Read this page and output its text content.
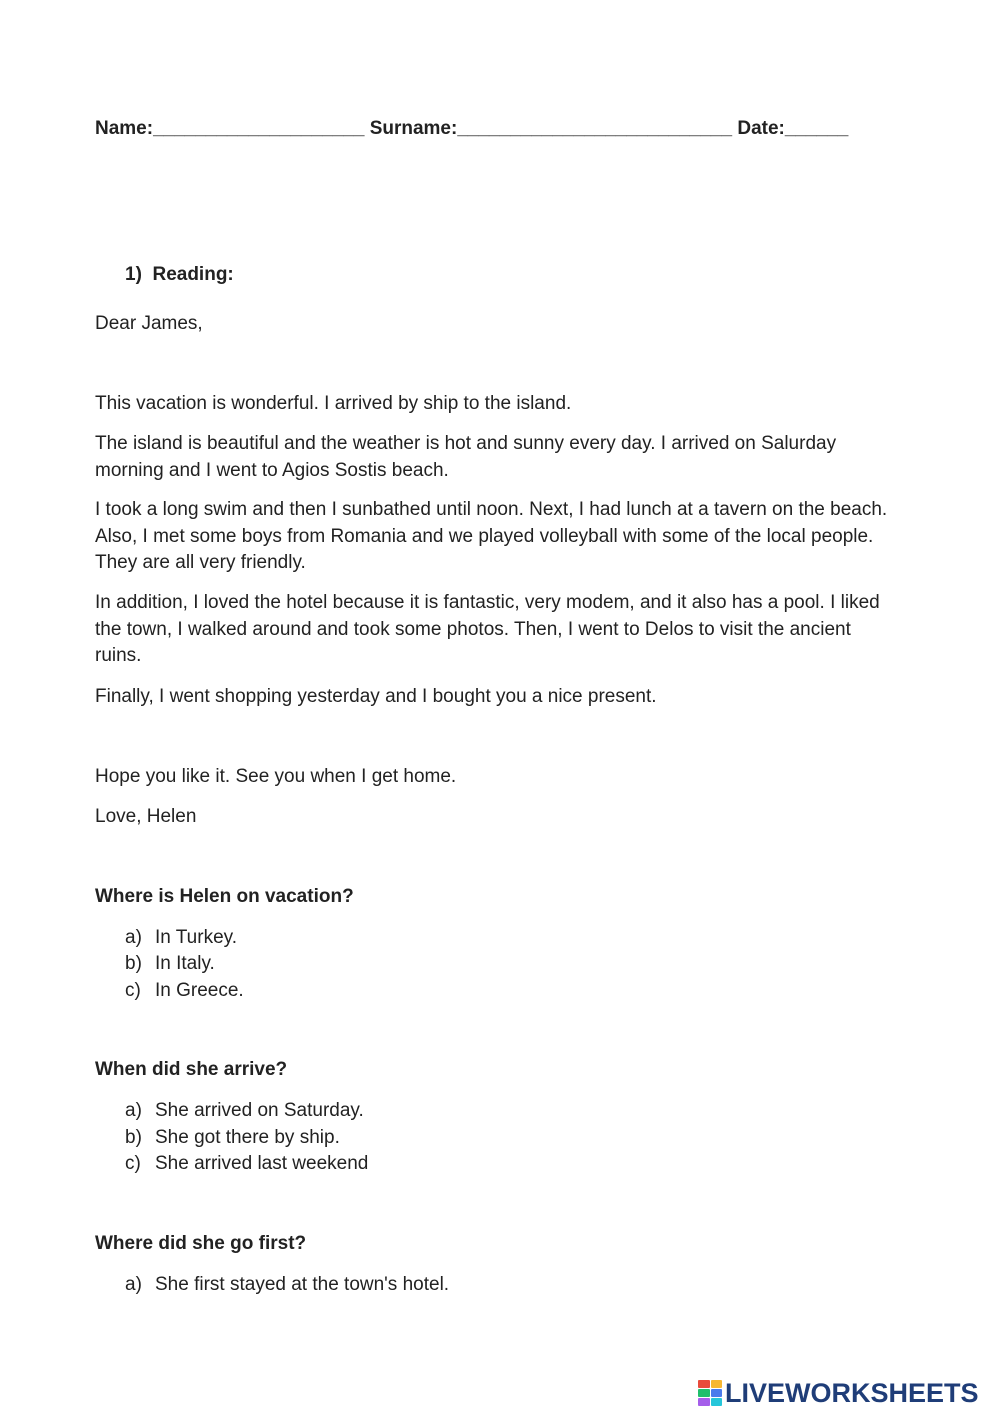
Name:____________________ Surname:__________________________ Date:______
1) Reading:
Dear James,
This vacation is wonderful. I arrived by ship to the island.
The island is beautiful and the weather is hot and sunny every day. I arrived on Salurday morning and I went to Agios Sostis beach.
I took a long swim and then I sunbathed until noon. Next, I had lunch at a tavern on the beach. Also, I met some boys from Romania and we played volleyball with some of the local people. They are all very friendly.
In addition, I loved the hotel because it is fantastic, very modem, and it also has a pool. I liked the town, I walked around and took some photos. Then, I went to Delos to visit the ancient ruins.
Finally, I went shopping yesterday and I bought you a nice present.
Hope you like it. See you when I get home.
Love, Helen
Where is Helen on vacation?
a) In Turkey.
b) In Italy.
c) In Greece.
When did she arrive?
a) She arrived on Saturday.
b) She got there by ship.
c) She arrived last weekend
Where did she go first?
a) She first stayed at the town's hotel.
LIVEWORKSHEETS
